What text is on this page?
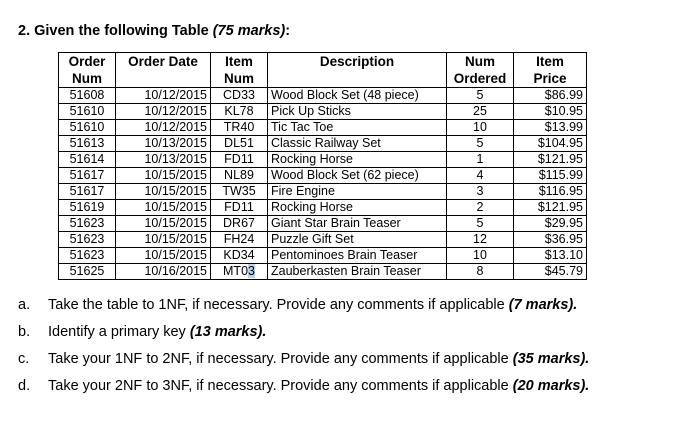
2. Given the following Table (75 marks):
Order	Order Date	Item	Description	Num	Item
Num		Num		Ordered	Price
51608	10/12/2015	CD33	Wood Block Set (48 piece)	5	$86.99
51610	10/12/2015	KL78	Pick Up Sticks	25	$10.95
51610	10/12/2015	TR40	Tic Tac Toe	10	$13.99
51613	10/13/2015	DL51	Classic Railway Set	5	$104.95
51614	10/13/2015	FD11	Rocking Horse	1	$121.95
51617	10/15/2015	NL89	Wood Block Set (62 piece)	4	$115.99
51617	10/15/2015	TW35	Fire Engine	3	$116.95
51619	10/15/2015	FD11	Rocking Horse	2	$121.95
51623	10/15/2015	DR67	Giant Star Brain Teaser	5	$29.95
51623	10/15/2015	FH24	Puzzle Gift Set	12	$36.95
51623	10/15/2015	KD34	Pentominoes Brain Teaser	10	$13.10
51625	10/16/2015	MT03	Zauberkasten Brain Teaser	8	$45.79
a. Take the table to 1NF, if necessary. Provide any comments if applicable (7 marks).
b. Identify a primary key (13 marks).
c. Take your 1NF to 2NF, if necessary. Provide any comments if applicable (35 marks).
d. Take your 2NF to 3NF, if necessary. Provide any comments if applicable (20 marks).
